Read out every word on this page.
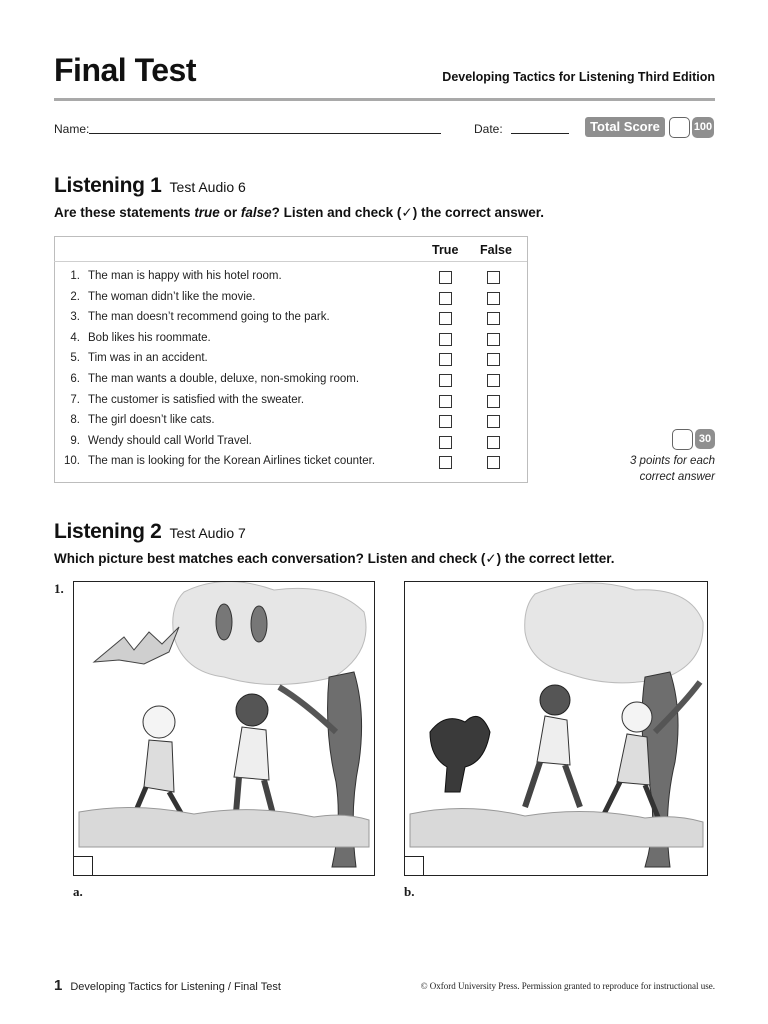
Final Test	Developing Tactics for Listening Third Edition
Name:	Date:	Total Score	100
Listening 1 Test Audio 6
Are these statements true or false? Listen and check (✓) the correct answer.
True False
1. The man is happy with his hotel room.
2. The woman didn’t like the movie.
3. The man doesn’t recommend going to the park.
4. Bob likes his roommate.
5. Tim was in an accident.
6. The man wants a double, deluxe, non-smoking room.
7. The customer is satisfied with the sweater.
8. The girl doesn’t like cats.
9. Wendy should call World Travel.
10. The man is looking for the Korean Airlines ticket counter.
30
3 points for each
correct answer
Listening 2 Test Audio 7
Which picture best matches each conversation? Listen and check (✓) the correct letter.
1.
a.	b.
1 Developing Tactics for Listening / Final Test	© Oxford University Press. Permission granted to reproduce for instructional use.
